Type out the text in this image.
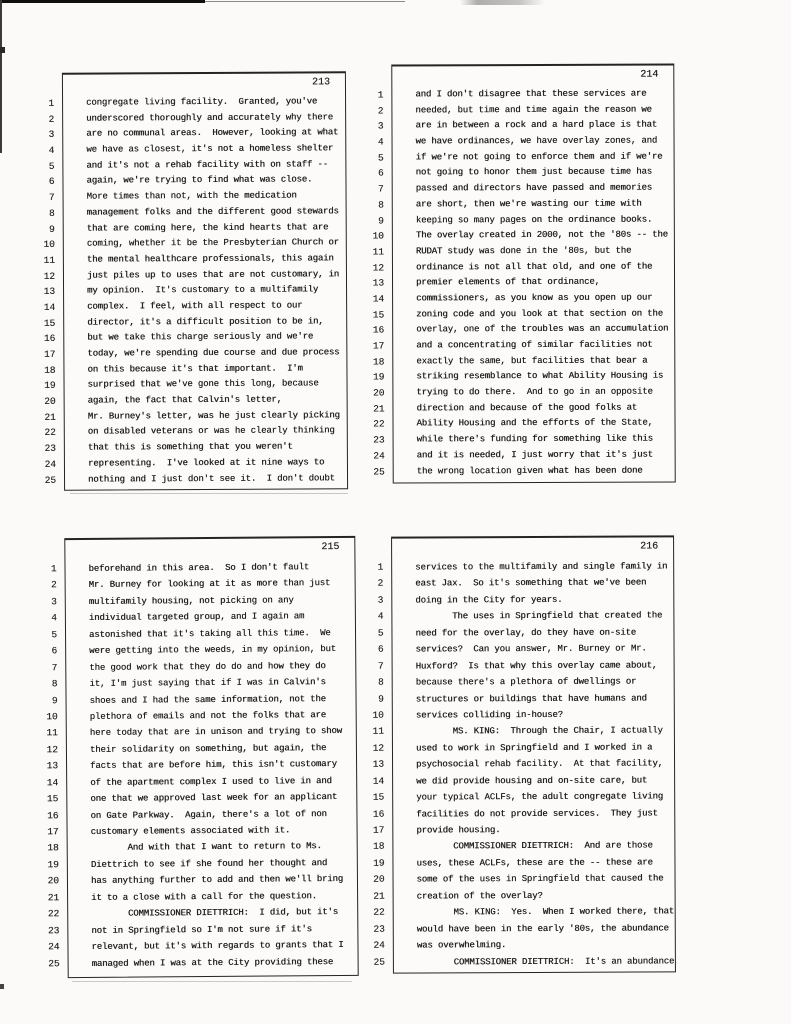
1
2
3
4
5
6
7
8
9
10
11
12
13
14
15
16
17
18
19
20
21
22
23
24
25
213
congregate living facility.  Granted, you've
underscored thoroughly and accurately why there
are no communal areas.  However, looking at what
we have as closest, it's not a homeless shelter
and it's not a rehab facility with on staff --
again, we're trying to find what was close.
More times than not, with the medication
management folks and the different good stewards
that are coming here, the kind hearts that are
coming, whether it be the Presbyterian Church or
the mental healthcare professionals, this again
just piles up to uses that are not customary, in
my opinion.  It's customary to a multifamily
complex.  I feel, with all respect to our
director, it's a difficult position to be in,
but we take this charge seriously and we're
today, we're spending due course and due process
on this because it's that important.  I'm
surprised that we've gone this long, because
again, the fact that Calvin's letter,
Mr. Burney's letter, was he just clearly picking
on disabled veterans or was he clearly thinking
that this is something that you weren't
representing.  I've looked at it nine ways to
nothing and I just don't see it.  I don't doubt
1
2
3
4
5
6
7
8
9
10
11
12
13
14
15
16
17
18
19
20
21
22
23
24
25
214
and I don't disagree that these services are
needed, but time and time again the reason we
are in between a rock and a hard place is that
we have ordinances, we have overlay zones, and
if we're not going to enforce them and if we're
not going to honor them just because time has
passed and directors have passed and memories
are short, then we're wasting our time with
keeping so many pages on the ordinance books.
The overlay created in 2000, not the '80s -- the
RUDAT study was done in the '80s, but the
ordinance is not all that old, and one of the
premier elements of that ordinance,
commissioners, as you know as you open up our
zoning code and you look at that section on the
overlay, one of the troubles was an accumulation
and a concentrating of similar facilities not
exactly the same, but facilities that bear a
striking resemblance to what Ability Housing is
trying to do there.  And to go in an opposite
direction and because of the good folks at
Ability Housing and the efforts of the State,
while there's funding for something like this
and it is needed, I just worry that it's just
the wrong location given what has been done
1
2
3
4
5
6
7
8
9
10
11
12
13
14
15
16
17
18
19
20
21
22
23
24
25
215
beforehand in this area.  So I don't fault
Mr. Burney for looking at it as more than just
multifamily housing, not picking on any
individual targeted group, and I again am
astonished that it's taking all this time.  We
were getting into the weeds, in my opinion, but
the good work that they do do and how they do
it, I'm just saying that if I was in Calvin's
shoes and I had the same information, not the
plethora of emails and not the folks that are
here today that are in unison and trying to show
their solidarity on something, but again, the
facts that are before him, this isn't customary
of the apartment complex I used to live in and
one that we approved last week for an applicant
on Gate Parkway.  Again, there's a lot of non
customary elements associated with it.
And with that I want to return to Ms.
Diettrich to see if she found her thought and
has anything further to add and then we'll bring
it to a close with a call for the question.
COMMISSIONER DIETTRICH:  I did, but it's
not in Springfield so I'm not sure if it's
relevant, but it's with regards to grants that I
managed when I was at the City providing these
1
2
3
4
5
6
7
8
9
10
11
12
13
14
15
16
17
18
19
20
21
22
23
24
25
216
services to the multifamily and single family in
east Jax.  So it's something that we've been
doing in the City for years.
The uses in Springfield that created the
need for the overlay, do they have on-site
services?  Can you answer, Mr. Burney or Mr.
Huxford?  Is that why this overlay came about,
because there's a plethora of dwellings or
structures or buildings that have humans and
services colliding in-house?
MS. KING:  Through the Chair, I actually
used to work in Springfield and I worked in a
psychosocial rehab facility.  At that facility,
we did provide housing and on-site care, but
your typical ACLFs, the adult congregate living
facilities do not provide services.  They just
provide housing.
COMMISSIONER DIETTRICH:  And are those
uses, these ACLFs, these are the -- these are
some of the uses in Springfield that caused the
creation of the overlay?
MS. KING:  Yes.  When I worked there, that
would have been in the early '80s, the abundance
was overwhelming.
COMMISSIONER DIETTRICH:  It's an abundance
